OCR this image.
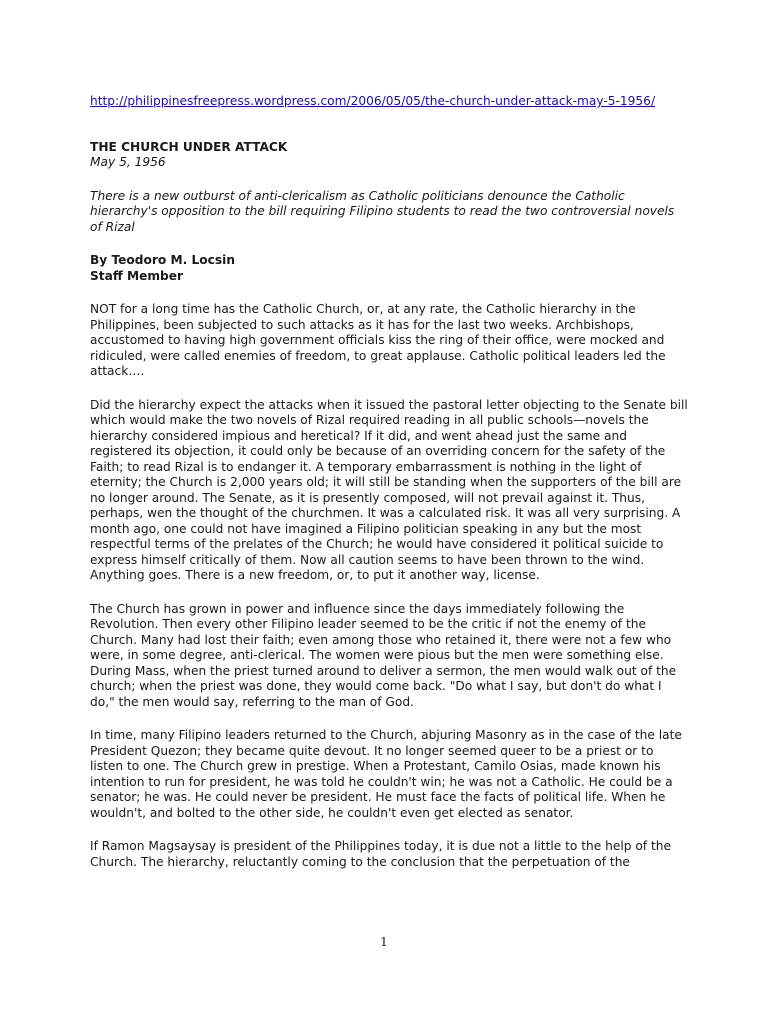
http://philippinesfreepress.wordpress.com/2006/05/05/the-church-under-attack-may-5-1956/
THE CHURCH UNDER ATTACK
May 5, 1956
There is a new outburst of anti-clericalism as Catholic politicians denounce the Catholic hierarchy's opposition to the bill requiring Filipino students to read the two controversial novels of Rizal
By Teodoro M. Locsin
Staff Member

NOT for a long time has the Catholic Church, or, at any rate, the Catholic hierarchy in the Philippines, been subjected to such attacks as it has for the last two weeks. Archbishops, accustomed to having high government officials kiss the ring of their office, were mocked and ridiculed, were called enemies of freedom, to great applause. Catholic political leaders led the attack….

Did the hierarchy expect the attacks when it issued the pastoral letter objecting to the Senate bill which would make the two novels of Rizal required reading in all public schools—novels the hierarchy considered impious and heretical? If it did, and went ahead just the same and registered its objection, it could only be because of an overriding concern for the safety of the Faith; to read Rizal is to endanger it. A temporary embarrassment is nothing in the light of eternity; the Church is 2,000 years old; it will still be standing when the supporters of the bill are no longer around. The Senate, as it is presently composed, will not prevail against it. Thus, perhaps, wen the thought of the churchmen. It was a calculated risk. It was all very surprising. A month ago, one could not have imagined a Filipino politician speaking in any but the most respectful terms of the prelates of the Church; he would have considered it political suicide to express himself critically of them. Now all caution seems to have been thrown to the wind. Anything goes. There is a new freedom, or, to put it another way, license.

The Church has grown in power and influence since the days immediately following the Revolution. Then every other Filipino leader seemed to be the critic if not the enemy of the Church. Many had lost their faith; even among those who retained it, there were not a few who were, in some degree, anti-clerical. The women were pious but the men were something else. During Mass, when the priest turned around to deliver a sermon, the men would walk out of the church; when the priest was done, they would come back. "Do what I say, but don't do what I do," the men would say, referring to the man of God.

In time, many Filipino leaders returned to the Church, abjuring Masonry as in the case of the late President Quezon; they became quite devout. It no longer seemed queer to be a priest or to listen to one. The Church grew in prestige. When a Protestant, Camilo Osias, made known his intention to run for president, he was told he couldn't win; he was not a Catholic. He could be a senator; he was. He could never be president. He must face the facts of political life. When he wouldn't, and bolted to the other side, he couldn't even get elected as senator.

If Ramon Magsaysay is president of the Philippines today, it is due not a little to the help of the Church. The hierarchy, reluctantly coming to the conclusion that the perpetuation of the

1
